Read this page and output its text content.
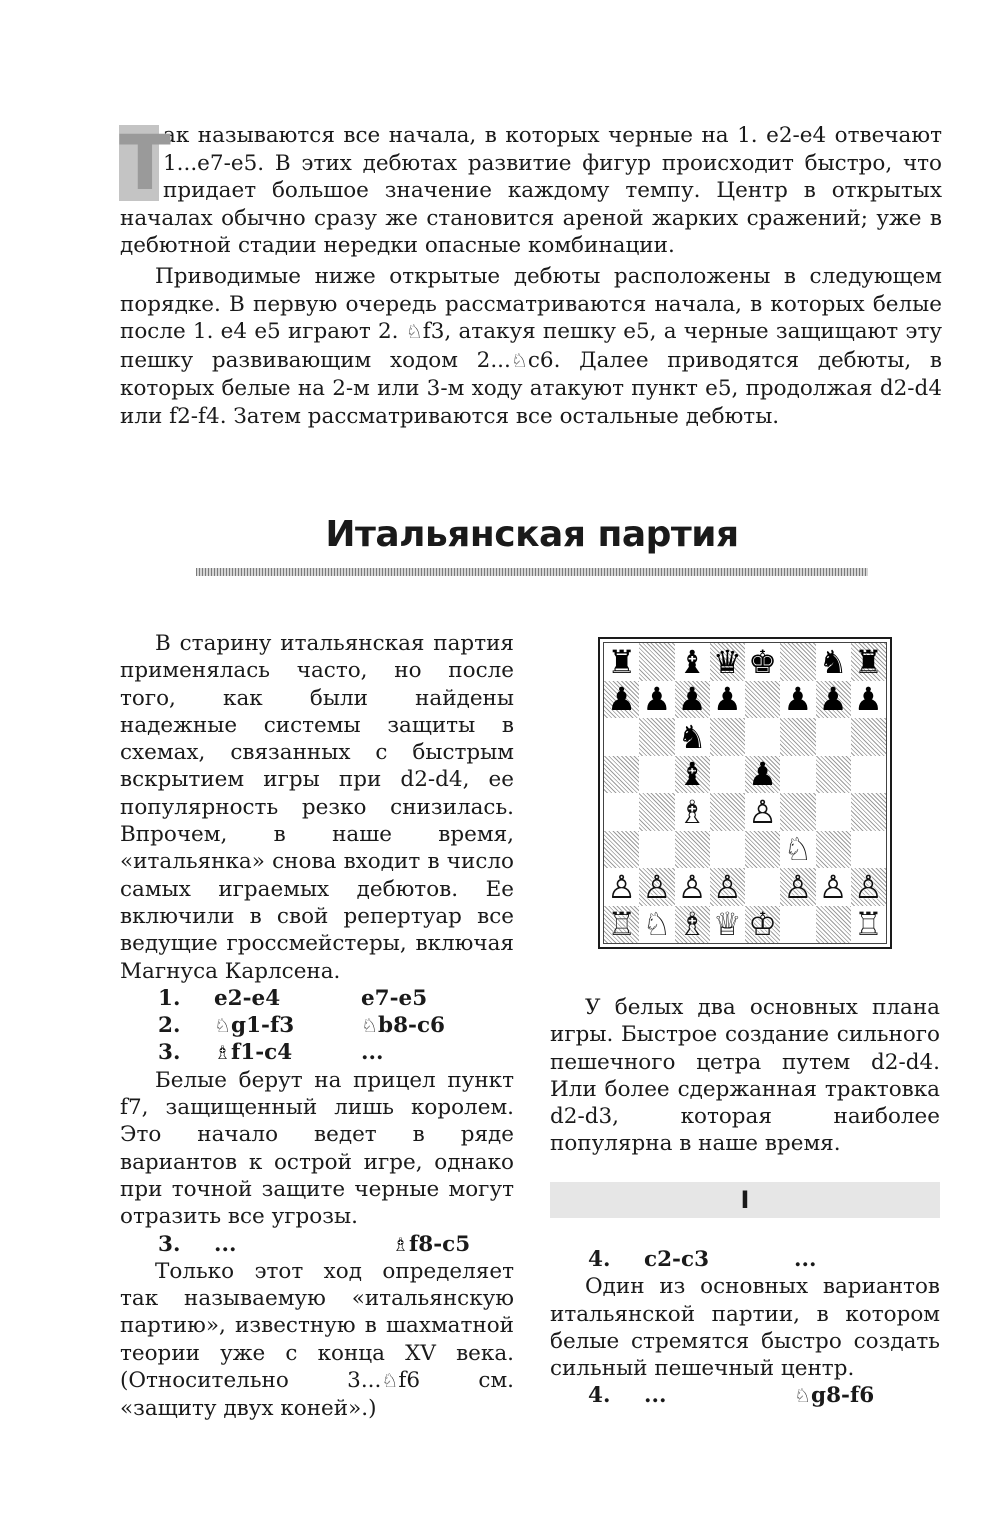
Т
ак называются все начала, в которых черные на 1. e2-e4 отвечают 1...e7-e5. В этих дебютах развитие фигур происходит быстро, что придает большое значение каждому темпу. Центр в открытых началах обычно сразу же становится ареной жарких сражений; уже в дебютной стадии нередки опасные комбинации.

Приводимые ниже открытые дебюты расположены в следующем порядке. В первую очередь рассматриваются начала, в которых белые после 1. e4 e5 играют 2. ♘f3, атакуя пешку e5, а черные защищают эту пешку развивающим ходом 2...♘c6. Далее приводятся дебюты, в которых белые на 2-м или 3-м ходу атакуют пункт e5, продолжая d2-d4 или f2-f4. Затем рассматриваются все остальные дебюты.

Итальянская партия

В старину итальянская партия применялась часто, но после того, как были найдены надежные системы защиты в схемах, связанных с быстрым вскрытием игры при d2-d4, ее популярность резко снизилась. Впрочем, в наше время, «итальянка» снова входит в число самых играемых дебютов. Ее включили в свой репертуар все ведущие гроссмейстеры, включая Магнуса Карлсена.

1.	e2-e4	e7-e5
2.	♘g1-f3	♘b8-c6
3.	♗f1-c4	...

Белые берут на прицел пункт f7, защищенный лишь королем. Это начало ведет в ряде вариантов к острой игре, однако при точной защите черные могут отразить все угрозы.

3.	...	♗f8-c5

Только этот ход определяет так называемую «итальянскую партию», известную в шахматной теории уже с конца XV века. (Относительно 3...♘f6 см. «защиту двух коней».)

♜ ♝ ♛ ♚ ♞ ♜
♟ ♟ ♟ ♟ ♟ ♟ ♟
♞
♝ ♟
♗ ♙
♘
♙ ♙ ♙ ♙ ♙ ♙ ♙
♖ ♘ ♗ ♕ ♔ ♖

У белых два основных плана игры. Быстрое создание сильного пешечного цетра путем d2-d4. Или более сдержанная трактовка d2-d3, которая наиболее популярна в наше время.

I
4.	c2-c3	...

Один из основных вариантов итальянской партии, в котором белые стремятся быстро создать сильный пешечный центр.

4.	...	♘g8-f6
